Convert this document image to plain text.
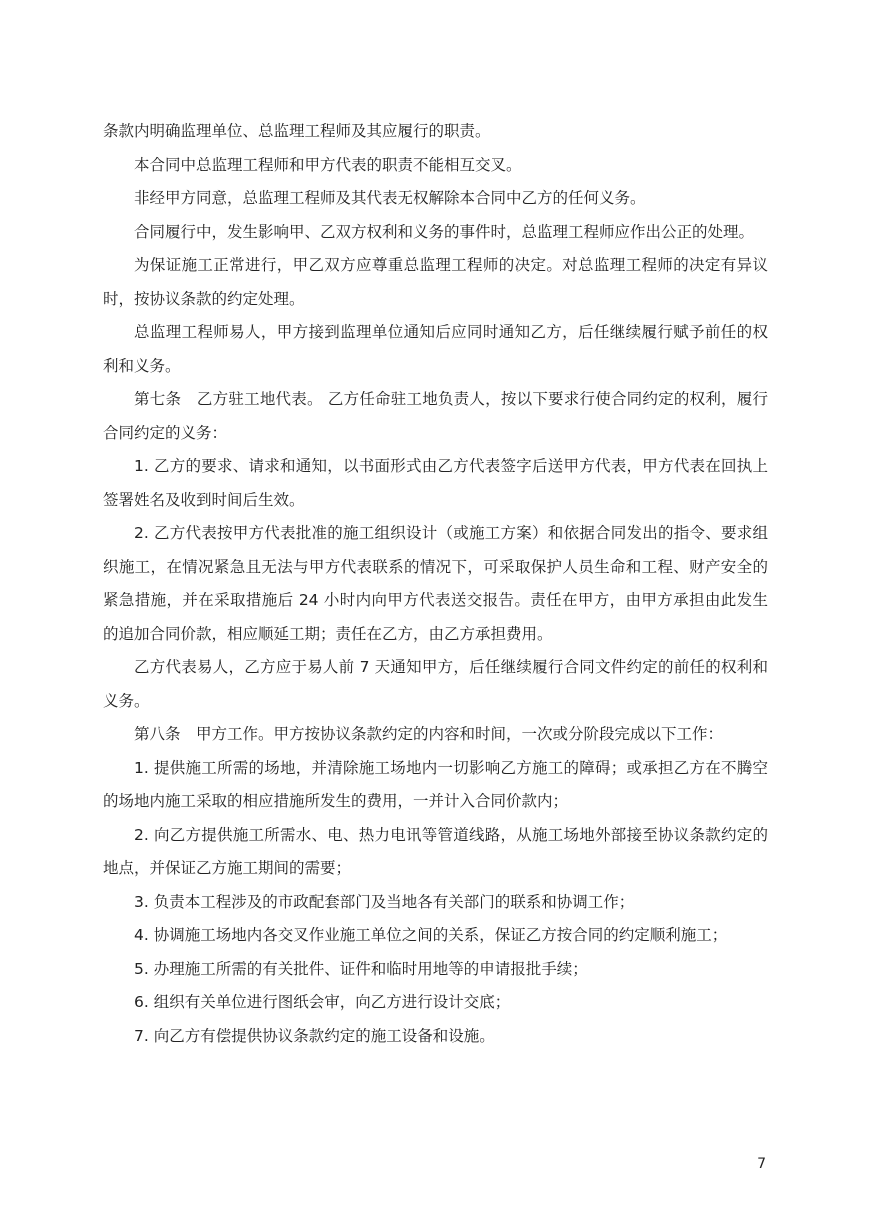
条款内明确监理单位、总监理工程师及其应履行的职责。

本合同中总监理工程师和甲方代表的职责不能相互交叉。

非经甲方同意，总监理工程师及其代表无权解除本合同中乙方的任何义务。

合同履行中，发生影响甲、乙双方权利和义务的事件时，总监理工程师应作出公正的处理。

为保证施工正常进行，甲乙双方应尊重总监理工程师的决定。对总监理工程师的决定有异议时，按协议条款的约定处理。

总监理工程师易人，甲方接到监理单位通知后应同时通知乙方，后任继续履行赋予前任的权利和义务。

第七条　乙方驻工地代表。 乙方任命驻工地负责人，按以下要求行使合同约定的权利，履行合同约定的义务：

1. 乙方的要求、请求和通知，以书面形式由乙方代表签字后送甲方代表，甲方代表在回执上签署姓名及收到时间后生效。

2. 乙方代表按甲方代表批准的施工组织设计（或施工方案）和依据合同发出的指令、要求组织施工，在情况紧急且无法与甲方代表联系的情况下，可采取保护人员生命和工程、财产安全的紧急措施，并在采取措施后 24 小时内向甲方代表送交报告。责任在甲方，由甲方承担由此发生的追加合同价款，相应顺延工期；责任在乙方，由乙方承担费用。

乙方代表易人，乙方应于易人前 7 天通知甲方，后任继续履行合同文件约定的前任的权利和义务。

第八条　甲方工作。甲方按协议条款约定的内容和时间，一次或分阶段完成以下工作：

1. 提供施工所需的场地，并清除施工场地内一切影响乙方施工的障碍；或承担乙方在不腾空的场地内施工采取的相应措施所发生的费用，一并计入合同价款内；

2. 向乙方提供施工所需水、电、热力电讯等管道线路，从施工场地外部接至协议条款约定的地点，并保证乙方施工期间的需要；

3. 负责本工程涉及的市政配套部门及当地各有关部门的联系和协调工作；

4. 协调施工场地内各交叉作业施工单位之间的关系，保证乙方按合同的约定顺利施工；

5. 办理施工所需的有关批件、证件和临时用地等的申请报批手续；

6. 组织有关单位进行图纸会审，向乙方进行设计交底；

7. 向乙方有偿提供协议条款约定的施工设备和设施。

7
